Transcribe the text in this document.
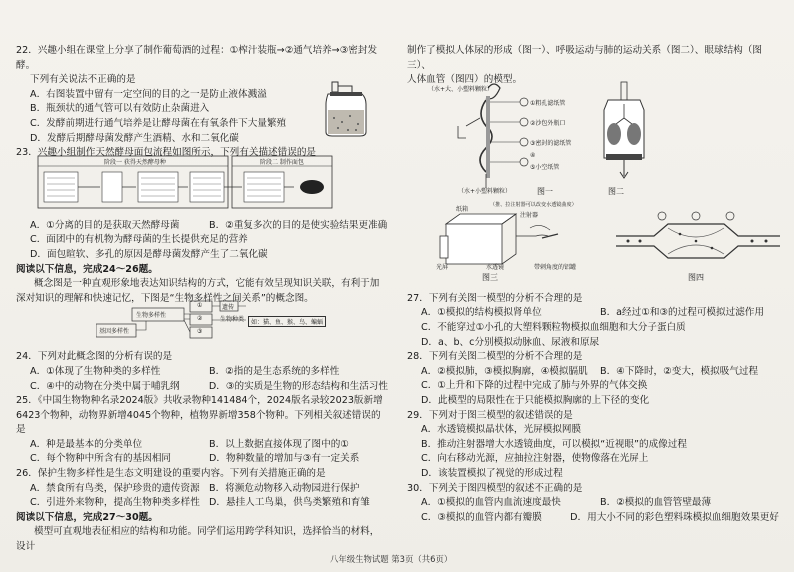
22．兴趣小组在课堂上分享了制作葡萄酒的过程：①榨汁装瓶→②通气培养→③密封发酵。

下列有关说法不正确的是

A．右图装置中留有一定空间的目的之一是防止液体溅溢

B．瓶颈状的通气管可以有效防止杂菌进入

C．发酵前期进行通气培养是让酵母菌在有氧条件下大量繁殖

D．发酵后期酵母菌发酵产生酒精、水和二氧化碳

23．兴趣小组制作天然酵母面包流程如图所示，下列有关描述错误的是

A．①分离的目的是获取天然酵母菌	B．②重复多次的目的是使实验结果更准确

C．面团中的有机物为酵母菌的生长提供充足的营养

D．面包暄软、多孔的原因是酵母菌发酵产生了二氧化碳

阅读以下信息，完成24～26题。

概念图是一种直观形象地表达知识结构的方式，它能有效呈现知识关联，有利于加深对知识的理解和快速记忆，下图是“生物多样性之间关系”的概念图。

24．下列对此概念图的分析有误的是

A．①体现了生物种类的多样性	B．②指的是生态系统的多样性
C．④中的动物在分类中属于哺乳纲	D．③的实质是生物的形态结构和生活习性

25．《中国生物物种名录2024版》共收录物种141484个，2024版名录较2023版新增6423个物种，动物界新增4045个物种，植物界新增358个物种。下列相关叙述错误的是

A．种是最基本的分类单位	B．以上数据直接体现了图中的①
C．每个物种中所含有的基因相同	D．物种数量的增加与③有一定关系

26．保护生物多样性是生态文明建设的重要内容。下列有关措施正确的是

A．禁食所有鸟类，保护珍贵的遗传资源 B．将濒危动物移入动物园进行保护
C．引进外来物种，提高生物种类多样性 D．悬挂人工鸟巢，供鸟类繁殖和育雏

阅读以下信息，完成27～30题。

模型可直观地表征相应的结构和功能。同学们运用跨学科知识，选择恰当的材料，设计

阶段一 获得天然酵母种	阶段二 制作面包
生物多样性
基因多样性
①
②
③
遗传
生物种类	如：猫、鱼、猴、鸟、蝙蝠

制作了模拟人体尿的形成（图一）、呼吸运动与肺的运动关系（图二）、眼球结构（图三）、

人体血管（图四）的模型。

27．下列有关图一模型的分析不合理的是

A．①模拟的结构模拟肾单位	B．a经过①和③的过程可模拟过滤作用

C．不能穿过①小孔的大塑料颗粒物模拟血细胞和大分子蛋白质

D．a、b、c分别模拟动脉血、尿液和原尿

28．下列有关图二模型的分析不合理的是

A．②模拟肺，③模拟胸廓，④模拟膈肌	B．④下降时，②变大，模拟吸气过程

C．①上升和下降的过程中完成了肺与外界的气体交换

D．此模型的局限性在于只能模拟胸廓的上下径的变化

29．下列对于图三模型的叙述错误的是

A．水透镜模拟晶状体，光屏模拟网膜

B．推动注射器增大水透镜曲度，可以模拟“近视眼”的成像过程

C．向右移动光源，应抽拉注射器，使物像落在光屏上

D．该装置模拟了视觉的形成过程

30．下列关于图四模型的叙述不正确的是

A．①模拟的血管内血流速度最快	B．②模拟的血管管壁最薄
C．③模拟的血管内都有瓣膜	D．用大小不同的彩色塑料珠模拟血细胞效果更好
（水+大、小塑料颗粒）
①粗孔滤纸管
②沙包外瓶口
③密封的滤纸管
④
⑤小空纸管
（水+小塑料颗粒）	图一	图二
纸箱
注射器
（推、拉注射器可以改变水透镜曲度）
光屏	水透镜	带刺角度的铝罐
图三	图四
八年级生物试题 第3页（共6页）
